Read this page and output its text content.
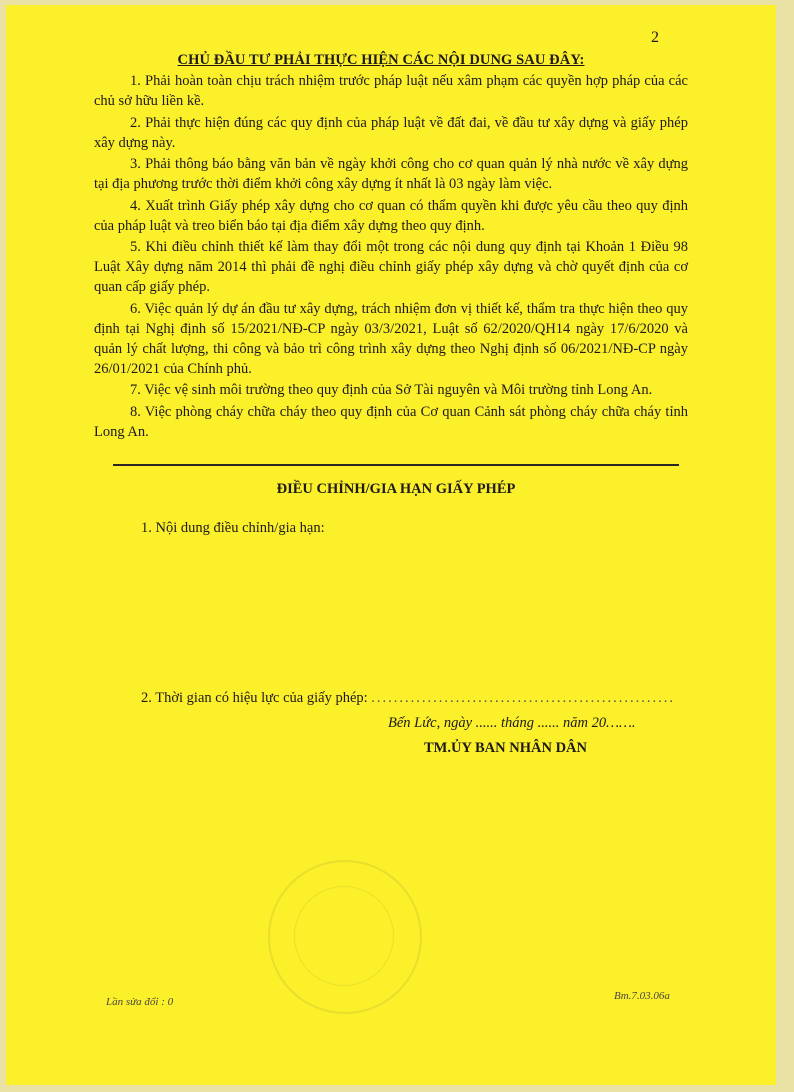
2
CHỦ ĐẦU TƯ PHẢI THỰC HIỆN CÁC NỘI DUNG SAU ĐÂY:

1. Phải hoàn toàn chịu trách nhiệm trước pháp luật nếu xâm phạm các quyền hợp pháp của các chủ sở hữu liền kề.

2. Phải thực hiện đúng các quy định của pháp luật về đất đai, về đầu tư xây dựng và giấy phép xây dựng này.

3. Phải thông báo bằng văn bản về ngày khởi công cho cơ quan quản lý nhà nước về xây dựng tại địa phương trước thời điểm khởi công xây dựng ít nhất là 03 ngày làm việc.

4. Xuất trình Giấy phép xây dựng cho cơ quan có thẩm quyền khi được yêu cầu theo quy định của pháp luật và treo biển báo tại địa điểm xây dựng theo quy định.

5. Khi điều chỉnh thiết kế làm thay đổi một trong các nội dung quy định tại Khoản 1 Điều 98 Luật Xây dựng năm 2014 thì phải đề nghị điều chỉnh giấy phép xây dựng và chờ quyết định của cơ quan cấp giấy phép.

6. Việc quản lý dự án đầu tư xây dựng, trách nhiệm đơn vị thiết kế, thẩm tra thực hiện theo quy định tại Nghị định số 15/2021/NĐ-CP ngày 03/3/2021, Luật số 62/2020/QH14 ngày 17/6/2020 và quản lý chất lượng, thi công và bảo trì công trình xây dựng theo Nghị định số 06/2021/NĐ-CP ngày 26/01/2021 của Chính phủ.

7. Việc vệ sinh môi trường theo quy định của Sở Tài nguyên và Môi trường tỉnh Long An.

8. Việc phòng cháy chữa cháy theo quy định của Cơ quan Cảnh sát phòng cháy chữa cháy tỉnh Long An.

ĐIỀU CHỈNH/GIA HẠN GIẤY PHÉP
1. Nội dung điều chỉnh/gia hạn:
2. Thời gian có hiệu lực của giấy phép: ......................................................
Bến Lức, ngày ...... tháng ...... năm 20…….
TM.ỦY BAN NHÂN DÂN
Lần sửa đổi : 0	Bm.7.03.06a
